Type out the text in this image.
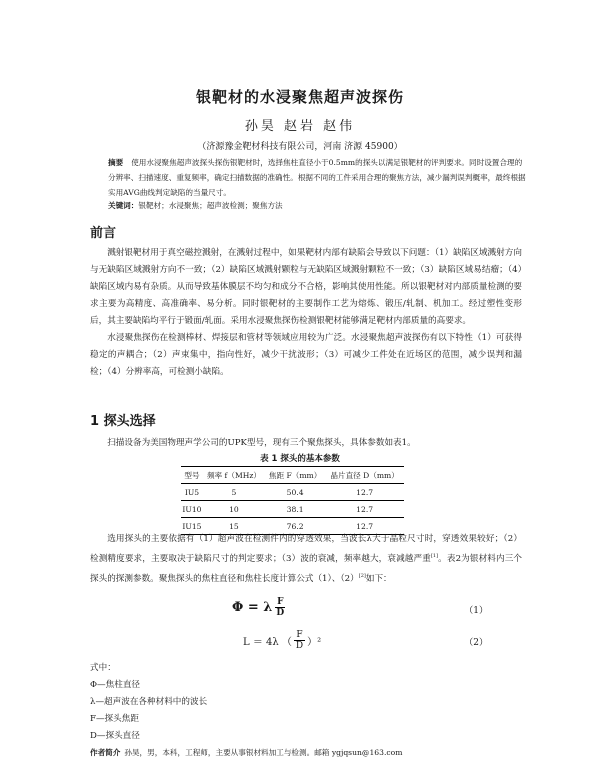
银靶材的水浸聚焦超声波探伤
孙昊 赵岩 赵伟
（济源豫金靶材科技有限公司，河南 济源 45900）
摘要 使用水浸聚焦超声波探头探伤银靶材时，选择焦柱直径小于0.5mm的探头以满足银靶材的评判要求。同时设置合理的分辨率、扫描速度、重复频率，确定扫描数据的准确性。根据不同的工件采用合理的聚焦方法，减少漏判误判概率，最终根据实用AVG曲线判定缺陷的当量尺寸。
关键词：银靶材；水浸聚焦；超声波检测；聚焦方法
前言

溅射银靶材用于真空磁控溅射，在溅射过程中，如果靶材内部有缺陷会导致以下问题：（1）缺陷区域溅射方向与无缺陷区域溅射方向不一致；（2）缺陷区域溅射颗粒与无缺陷区域溅射颗粒不一致；（3）缺陷区域易结瘤；（4）缺陷区域内易有杂质。从而导致基体膜层不均匀和成分不合格，影响其使用性能。所以银靶材对内部质量检测的要求主要为高精度、高准确率、易分析。同时银靶材的主要制作工艺为熔炼、锻压/轧制、机加工。经过塑性变形后，其主要缺陷均平行于锻面/轧面。采用水浸聚焦探伤检测银靶材能够满足靶材内部质量的高要求。

水浸聚焦探伤在检测棒材、焊接层和管材等领域应用较为广泛。水浸聚焦超声波探伤有以下特性（1）可获得稳定的声耦合；（2）声束集中，指向性好，减少干扰波形；（3）可减少工件处在近场区的范围，减少误判和漏检；（4）分辨率高，可检测小缺陷。

1 探头选择

扫描设备为美国物理声学公司的UPK型号，现有三个聚焦探头，具体参数如表1。

表 1 探头的基本参数
型号	频率 f（MHz）	焦距 F（mm）	晶片直径 D（mm）
IU5	5	50.4	12.7
IU10	10	38.1	12.7
IU15	15	76.2	12.7

选用探头的主要依据有（1）超声波在检测件内的穿透效果，当波长λ大于晶粒尺寸时，穿透效果较好；（2）检测精度要求，主要取决于缺陷尺寸的判定要求；（3）波的衰减，频率越大，衰减越严重[1]。表2为银材料内三个探头的探测参数。聚焦探头的焦柱直径和焦柱长度计算公式（1）、（2）[2]如下：

Φ = λ $\frac{F}{D}$	（1）
L ＝ 4λ （ $\frac{F}{D} )^2$	（2）
式中：
Φ—焦柱直径
λ—超声波在各种材料中的波长
F—探头焦距
D—探头直径
作者简介 孙昊，男，本科，工程师，主要从事银材料加工与检测。邮箱 ygjqsun@163.com
